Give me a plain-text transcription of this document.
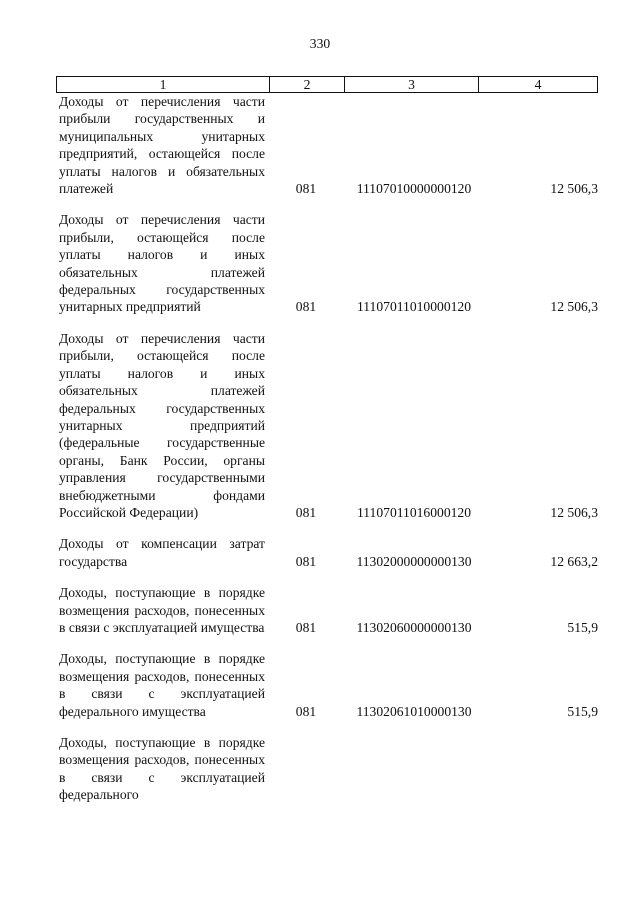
330
1	2	3	4
Доходы от перечисления части прибыли государственных и муниципальных унитарных предприятий, остающейся после уплаты налогов и обязательных платежей	081	11107010000000120	12 506,3
Доходы от перечисления части прибыли, остающейся после уплаты налогов и иных обязательных платежей федеральных государственных унитарных предприятий	081	11107011010000120	12 506,3
Доходы от перечисления части прибыли, остающейся после уплаты налогов и иных обязательных платежей федеральных государственных унитарных предприятий (федеральные государственные органы, Банк России, органы управления государственными внебюджетными фондами Российской Федерации)	081	11107011016000120	12 506,3
Доходы от компенсации затрат государства	081	11302000000000130	12 663,2
Доходы, поступающие в порядке возмещения расходов, понесенных в связи с эксплуатацией имущества	081	11302060000000130	515,9
Доходы, поступающие в порядке возмещения расходов, понесенных в связи с эксплуатацией федерального имущества	081	11302061010000130	515,9
Доходы, поступающие в порядке возмещения расходов, понесенных в связи с эксплуатацией федерального
